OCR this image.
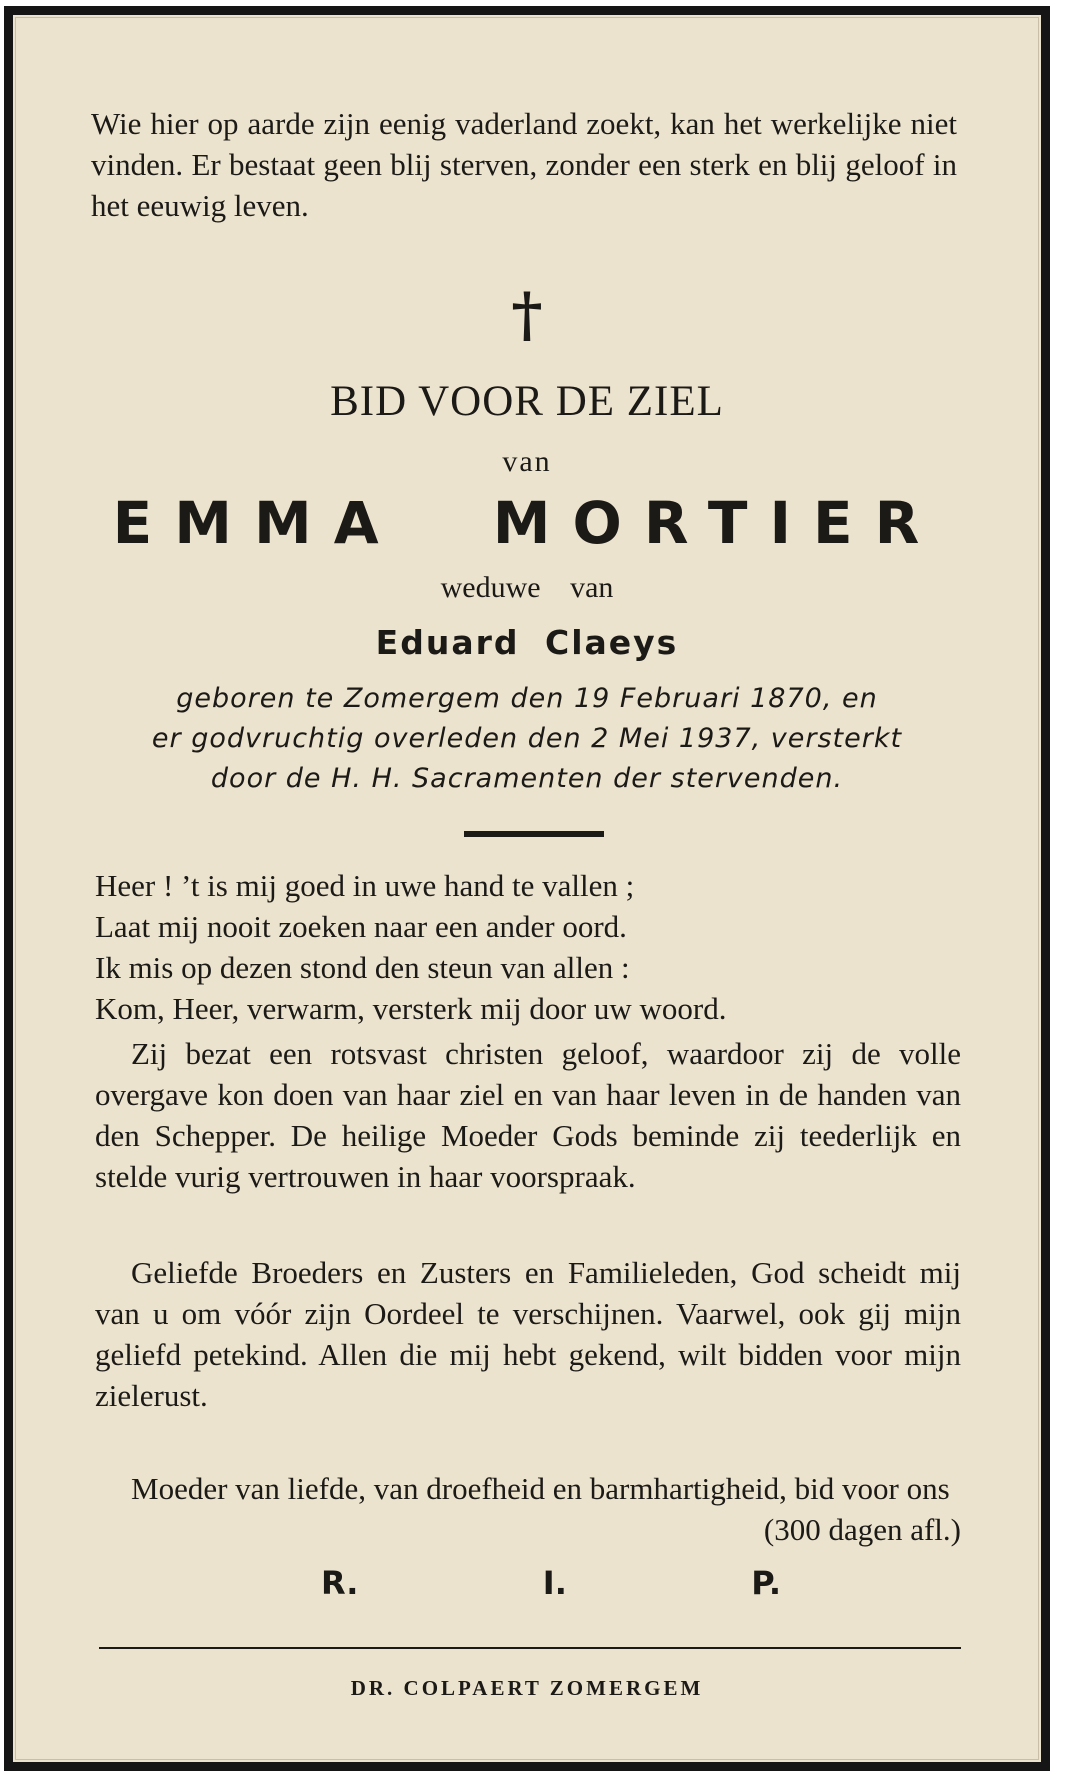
Wie hier op aarde zijn eenig vaderland zoekt, kan het werkelijke niet vinden. Er bestaat geen blij sterven, zonder een sterk en blij geloof in het eeuwig leven.
†
BID VOOR DE ZIEL
van
EMMA MORTIER
weduwe van
Eduard Claeys
geboren te Zomergem den 19 Februari 1870, en
er godvruchtig overleden den 2 Mei 1937, versterkt
door de H. H. Sacramenten der stervenden.
Heer ! ’t is mij goed in uwe hand te vallen ;
Laat mij nooit zoeken naar een ander oord.
Ik mis op dezen stond den steun van allen :
Kom, Heer, verwarm, versterk mij door uw woord.
Zij bezat een rotsvast christen geloof, waardoor zij de volle overgave kon doen van haar ziel en van haar leven in de handen van den Schepper. De heilige Moeder Gods beminde zij teederlijk en stelde vurig vertrouwen in haar voorspraak.
Geliefde Broeders en Zusters en Familieleden, God scheidt mij van u om vóór zijn Oordeel te verschijnen. Vaarwel, ook gij mijn geliefd petekind. Allen die mij hebt gekend, wilt bidden voor mijn zielerust.
Moeder van liefde, van droefheid en barmhartigheid, bid voor ons
(300 dagen afl.)
R.	I.	P.
DR. COLPAERT ZOMERGEM
